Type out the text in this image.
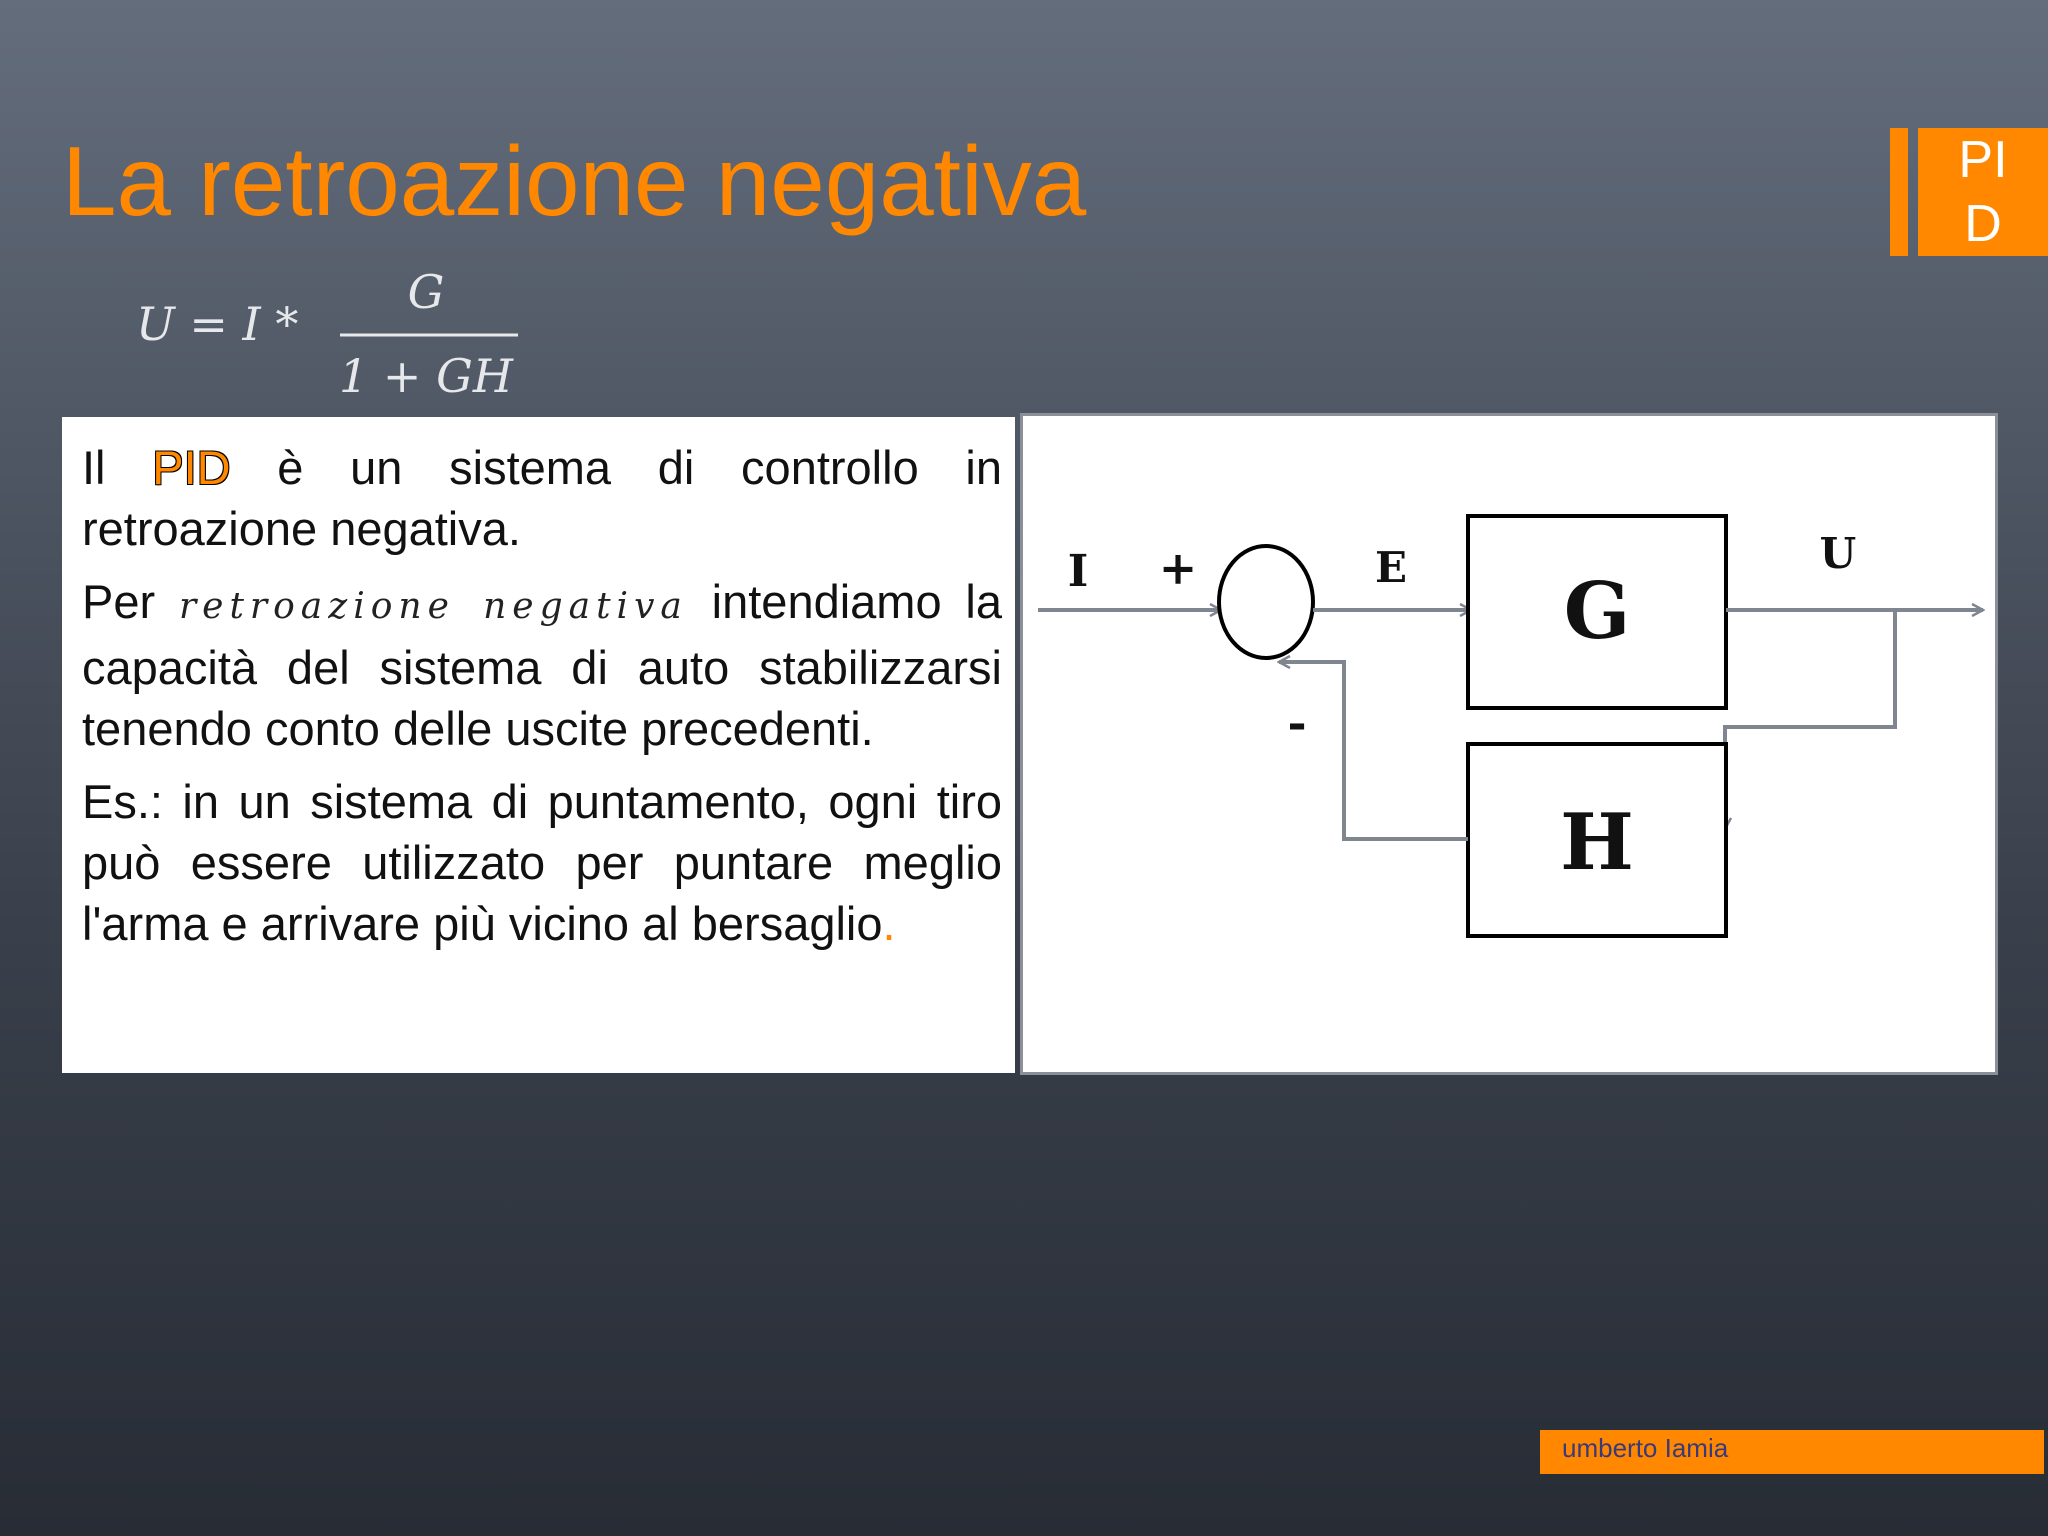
La retroazione negativa	PI
D
U = I *
G
1 + GH

Il PID è un sistema di controllo in retroazione negativa.

Per retroazione negativa intendiamo la capacità del sistema di auto stabilizzarsi tenendo conto delle uscite precedenti.

Es.: in un sistema di puntamento, ogni tiro può essere utilizzato per puntare meglio l'arma e arrivare più vicino al bersaglio.

I +	E G
U
H
-
umberto Iamia
